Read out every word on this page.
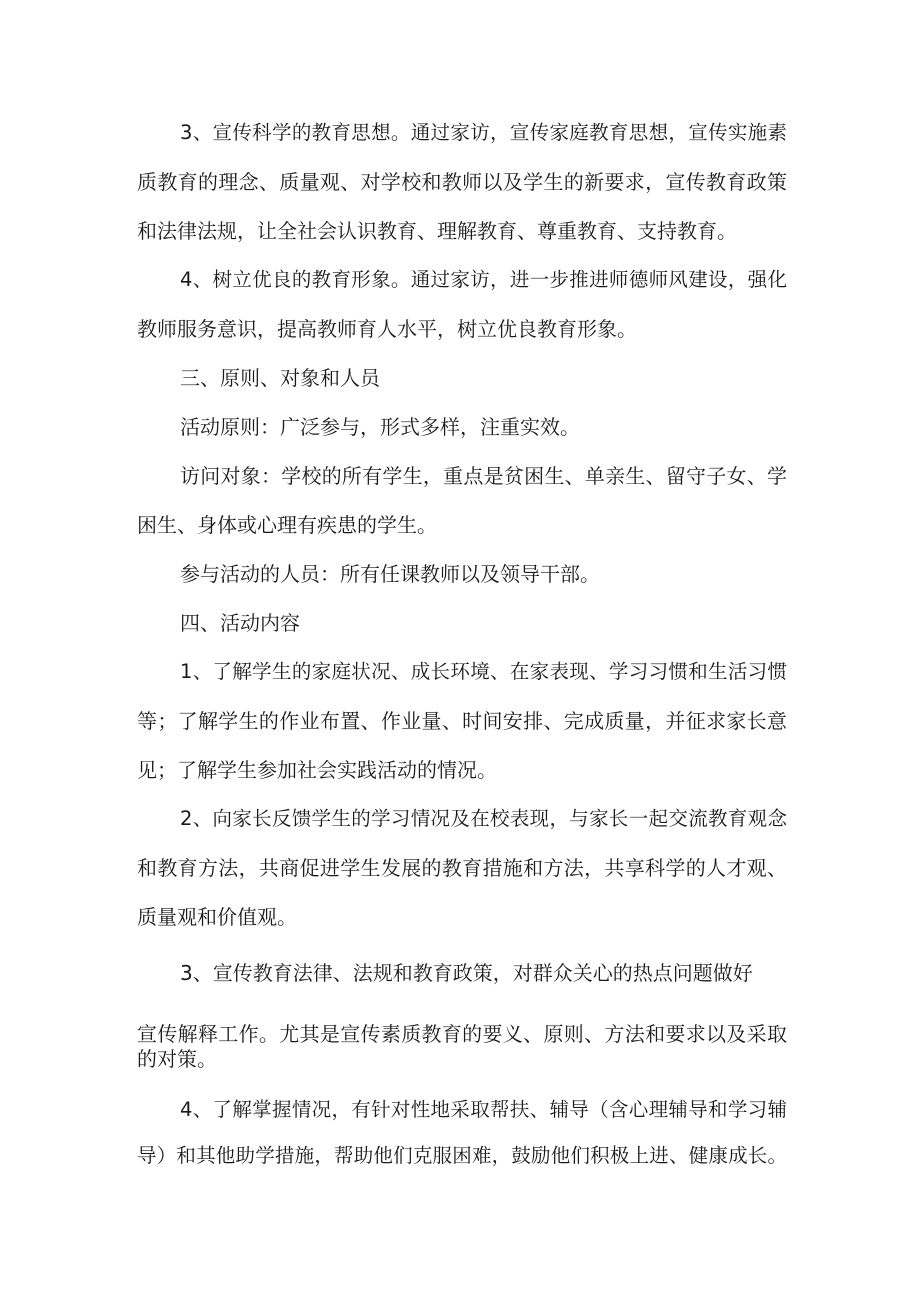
3、宣传科学的教育思想。通过家访，宣传家庭教育思想，宣传实施素
质教育的理念、质量观、对学校和教师以及学生的新要求，宣传教育政策
和法律法规，让全社会认识教育、理解教育、尊重教育、支持教育。
4、树立优良的教育形象。通过家访，进一步推进师德师风建设，强化
教师服务意识，提高教师育人水平，树立优良教育形象。
三、原则、对象和人员
活动原则：广泛参与，形式多样，注重实效。
访问对象：学校的所有学生，重点是贫困生、单亲生、留守子女、学
困生、身体或心理有疾患的学生。
参与活动的人员：所有任课教师以及领导干部。
四、活动内容
1、了解学生的家庭状况、成长环境、在家表现、学习习惯和生活习惯
等；了解学生的作业布置、作业量、时间安排、完成质量，并征求家长意
见；了解学生参加社会实践活动的情况。
2、向家长反馈学生的学习情况及在校表现，与家长一起交流教育观念
和教育方法，共商促进学生发展的教育措施和方法，共享科学的人才观、
质量观和价值观。
3、宣传教育法律、法规和教育政策，对群众关心的热点问题做好
宣传解释工作。尤其是宣传素质教育的要义、原则、方法和要求以及采取
的对策。
4、了解掌握情况，有针对性地采取帮扶、辅导（含心理辅导和学习辅
导）和其他助学措施，帮助他们克服困难，鼓励他们积极上进、健康成长。
